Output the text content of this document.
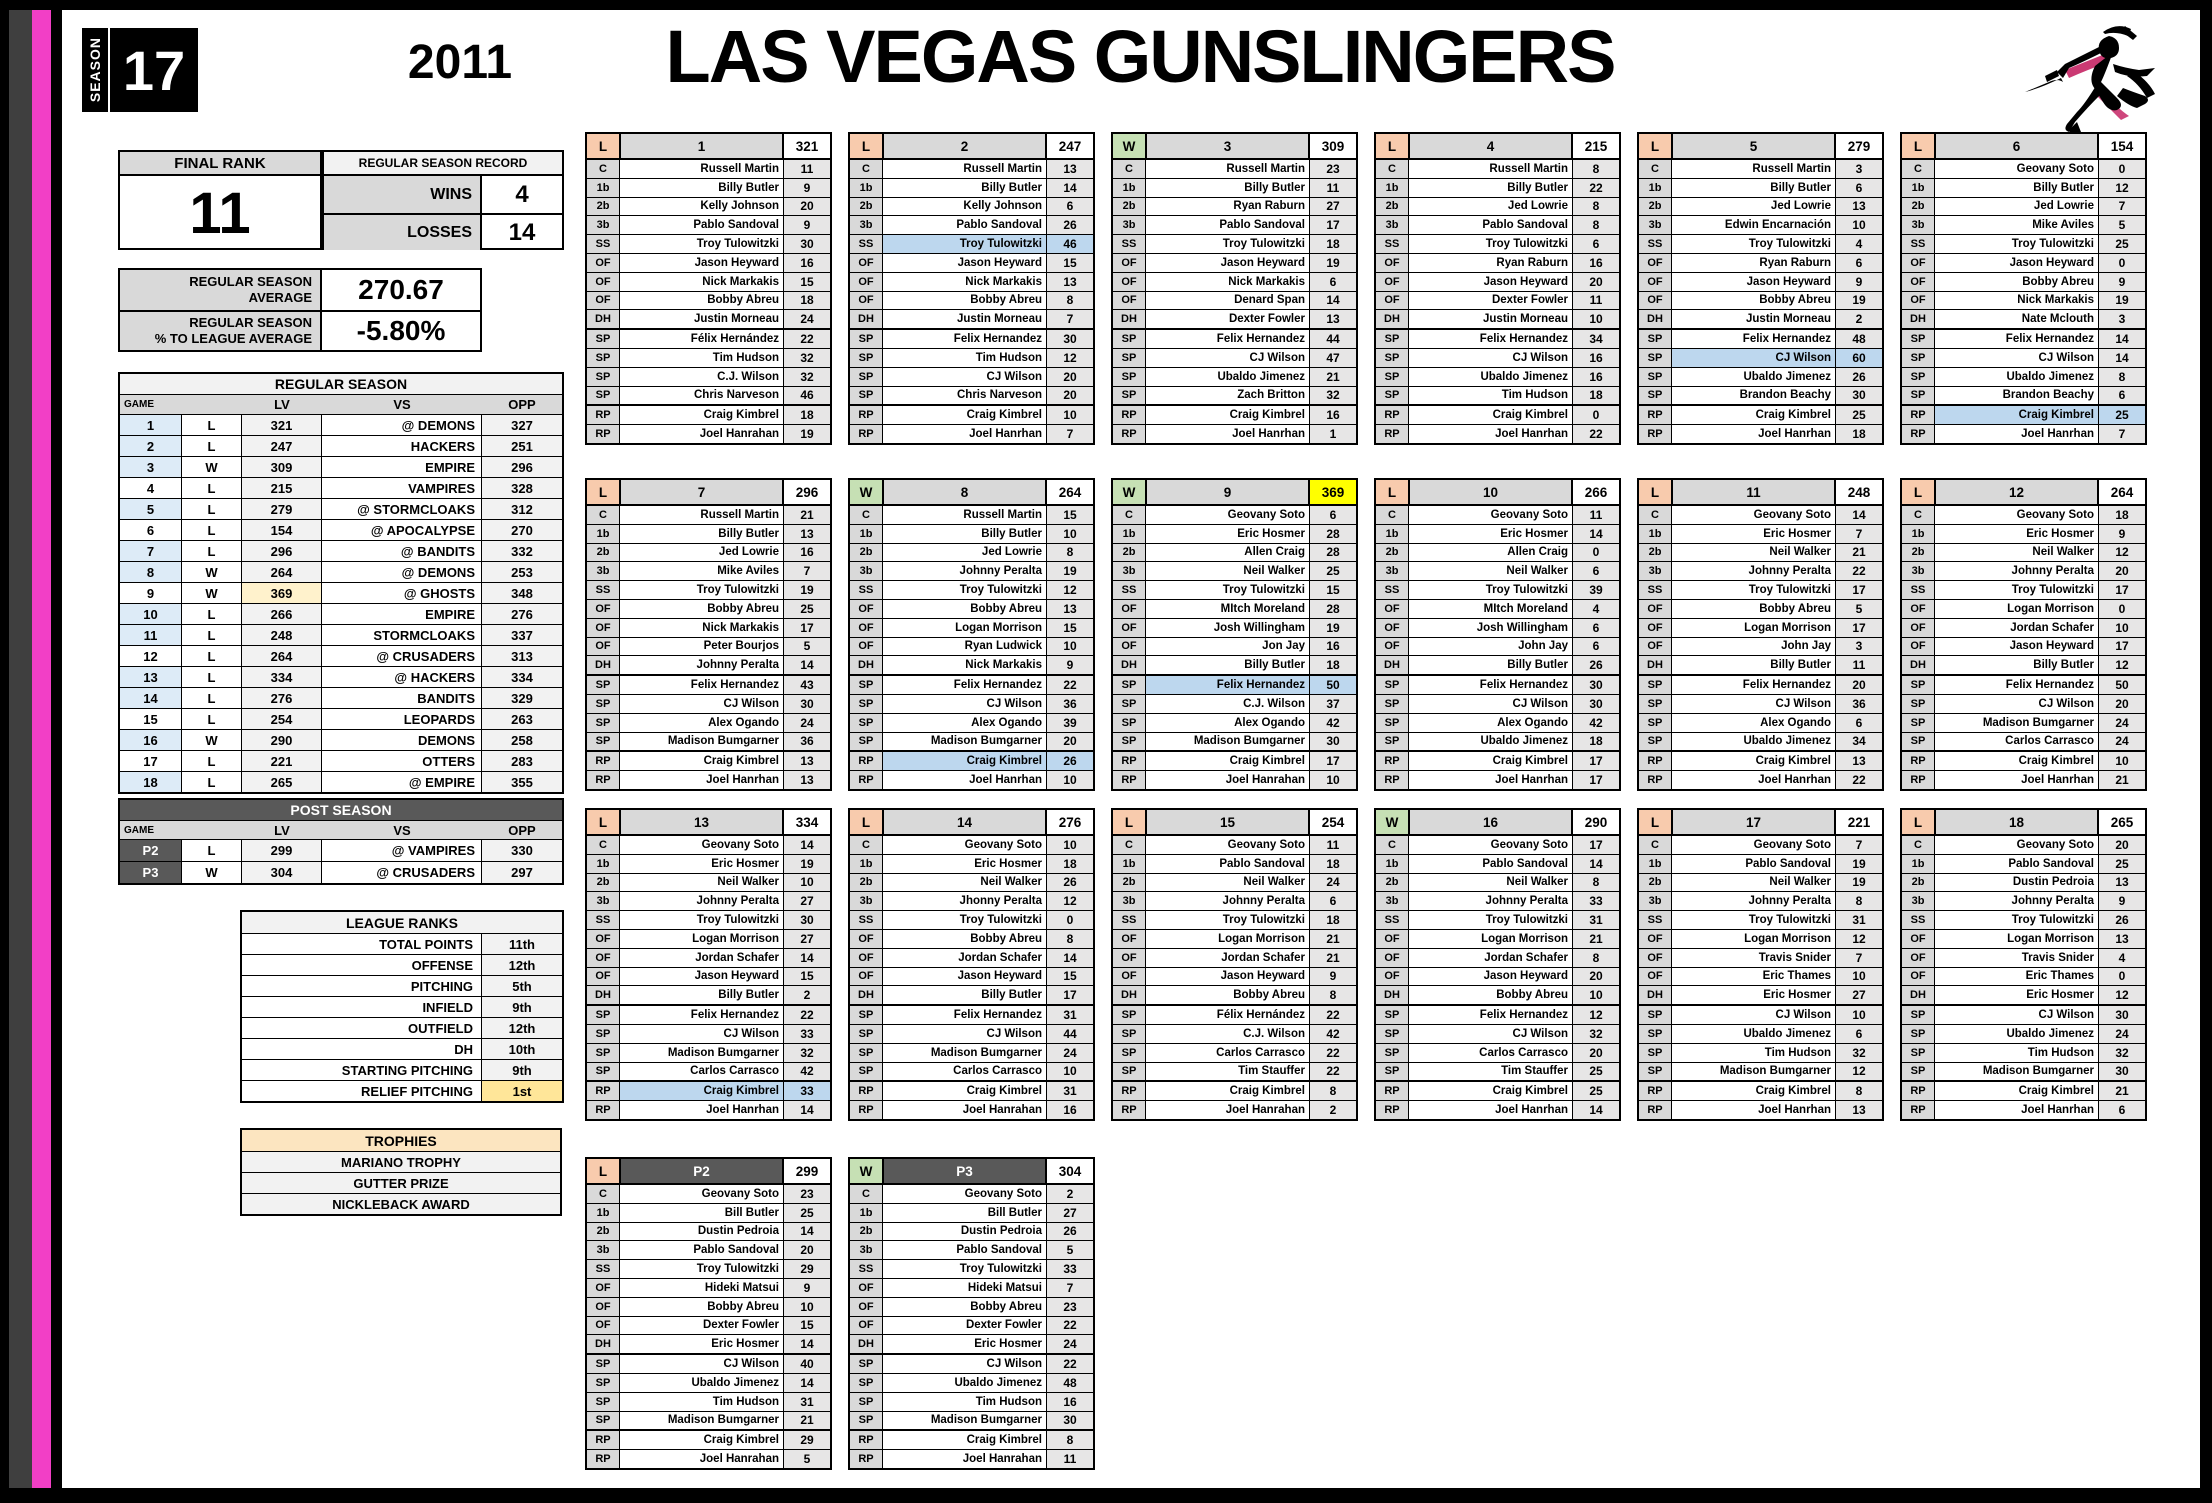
SEASON 17	2011	LAS VEGAS GUNSLINGERS
FINAL RANK
11
REGULAR SEASON RECORD
WINS	4
LOSSES	14
REGULAR SEASON
AVERAGE	270.67
REGULAR SEASON
% TO LEAGUE AVERAGE	-5.80%
REGULAR SEASON
GAME	LV	VS	OPP
1	L	321	@ DEMONS	327
2	L	247	HACKERS	251
3	W	309	EMPIRE	296
4	L	215	VAMPIRES	328
5	L	279	@ STORMCLOAKS	312
6	L	154	@ APOCALYPSE	270
7	L	296	@ BANDITS	332
8	W	264	@ DEMONS	253
9	W	369	@ GHOSTS	348
10	L	266	EMPIRE	276
11	L	248	STORMCLOAKS	337
12	L	264	@ CRUSADERS	313
13	L	334	@ HACKERS	334
14	L	276	BANDITS	329
15	L	254	LEOPARDS	263
16	W	290	DEMONS	258
17	L	221	OTTERS	283
18	L	265	@ EMPIRE	355
POST SEASON
GAME	LV	VS	OPP
P2	L	299	@ VAMPIRES	330
P3	W	304	@ CRUSADERS	297
LEAGUE RANKS
TOTAL POINTS	11th
OFFENSE	12th
PITCHING	5th
INFIELD	9th
OUTFIELD	12th
DH	10th
STARTING PITCHING	9th
RELIEF PITCHING	1st
TROPHIES
MARIANO TROPHY
GUTTER PRIZE
NICKLEBACK AWARD
L	1	321
C	Russell Martin	11
1b	Billy Butler	9
2b	Kelly Johnson	20
3b	Pablo Sandoval	9
SS	Troy Tulowitzki	30
OF	Jason Heyward	16
OF	Nick Markakis	15
OF	Bobby Abreu	18
DH	Justin Morneau	24
SP	Félix Hernández	22
SP	Tim Hudson	32
SP	C.J. Wilson	32
SP	Chris Narveson	46
RP	Craig Kimbrel	18
RP	Joel Hanrahan	19
L	2	247
C	Russell Martin	13
1b	Billy Butler	14
2b	Kelly Johnson	6
3b	Pablo Sandoval	26
SS	Troy Tulowitzki	46
OF	Jason Heyward	15
OF	Nick Markakis	13
OF	Bobby Abreu	8
DH	Justin Morneau	7
SP	Felix Hernandez	30
SP	Tim Hudson	12
SP	CJ Wilson	20
SP	Chris Narveson	20
RP	Craig Kimbrel	10
RP	Joel Hanrhan	7
W	3	309
C	Russell Martin	23
1b	Billy Butler	11
2b	Ryan Raburn	27
3b	Pablo Sandoval	17
SS	Troy Tulowitzki	18
OF	Jason Heyward	19
OF	Nick Markakis	6
OF	Denard Span	14
DH	Dexter Fowler	13
SP	Felix Hernandez	44
SP	CJ Wilson	47
SP	Ubaldo Jimenez	21
SP	Zach Britton	32
RP	Craig Kimbrel	16
RP	Joel Hanrhan	1
L	4	215
C	Russell Martin	8
1b	Billy Butler	22
2b	Jed Lowrie	8
3b	Pablo Sandoval	8
SS	Troy Tulowitzki	6
OF	Ryan Raburn	16
OF	Jason Heyward	20
OF	Dexter Fowler	11
DH	Justin Morneau	10
SP	Felix Hernandez	34
SP	CJ Wilson	16
SP	Ubaldo Jimenez	16
SP	Tim Hudson	18
RP	Craig Kimbrel	0
RP	Joel Hanrhan	22
L	5	279
C	Russell Martin	3
1b	Billy Butler	6
2b	Jed Lowrie	13
3b	Edwin Encarnación	10
SS	Troy Tulowitzki	4
OF	Ryan Raburn	6
OF	Jason Heyward	9
OF	Bobby Abreu	19
DH	Justin Morneau	2
SP	Felix Hernandez	48
SP	CJ Wilson	60
SP	Ubaldo Jimenez	26
SP	Brandon Beachy	30
RP	Craig Kimbrel	25
RP	Joel Hanrhan	18
L	6	154
C	Geovany Soto	0
1b	Billy Butler	12
2b	Jed Lowrie	7
3b	Mike Aviles	5
SS	Troy Tulowitzki	25
OF	Jason Heyward	0
OF	Bobby Abreu	9
OF	Nick Markakis	19
DH	Nate Mclouth	3
SP	Felix Hernandez	14
SP	CJ Wilson	14
SP	Ubaldo Jimenez	8
SP	Brandon Beachy	6
RP	Craig Kimbrel	25
RP	Joel Hanrhan	7
L	7	296
C	Russell Martin	21
1b	Billy Butler	13
2b	Jed Lowrie	16
3b	Mike Aviles	7
SS	Troy Tulowitzki	19
OF	Bobby Abreu	25
OF	Nick Markakis	17
OF	Peter Bourjos	5
DH	Johnny Peralta	14
SP	Felix Hernandez	43
SP	CJ Wilson	30
SP	Alex Ogando	24
SP	Madison Bumgarner	36
RP	Craig Kimbrel	13
RP	Joel Hanrhan	13
W	8	264
C	Russell Martin	15
1b	Billy Butler	10
2b	Jed Lowrie	8
3b	Johnny Peralta	19
SS	Troy Tulowitzki	12
OF	Bobby Abreu	13
OF	Logan Morrison	15
OF	Ryan Ludwick	10
DH	Nick Markakis	9
SP	Felix Hernandez	22
SP	CJ Wilson	36
SP	Alex Ogando	39
SP	Madison Bumgarner	20
RP	Craig Kimbrel	26
RP	Joel Hanrhan	10
W	9	369
C	Geovany Soto	6
1b	Eric Hosmer	28
2b	Allen Craig	28
3b	Neil Walker	25
SS	Troy Tulowitzki	15
OF	MItch Moreland	28
OF	Josh Willingham	19
OF	Jon Jay	16
DH	Billy Butler	18
SP	Felix Hernandez	50
SP	C.J. Wilson	37
SP	Alex Ogando	42
SP	Madison Bumgarner	30
RP	Craig Kimbrel	17
RP	Joel Hanrahan	10
L	10	266
C	Geovany Soto	11
1b	Eric Hosmer	14
2b	Allen Craig	0
3b	Neil Walker	6
SS	Troy Tulowitzki	39
OF	MItch Moreland	4
OF	Josh Willingham	6
OF	John Jay	6
DH	Billy Butler	26
SP	Felix Hernandez	30
SP	CJ Wilson	30
SP	Alex Ogando	42
SP	Ubaldo Jimenez	18
RP	Craig Kimbrel	17
RP	Joel Hanrhan	17
L	11	248
C	Geovany Soto	14
1b	Eric Hosmer	7
2b	Neil Walker	21
3b	Johnny Peralta	22
SS	Troy Tulowitzki	17
OF	Bobby Abreu	5
OF	Logan Morrison	17
OF	John Jay	3
DH	Billy Butler	11
SP	Felix Hernandez	20
SP	CJ Wilson	36
SP	Alex Ogando	6
SP	Ubaldo Jimenez	34
RP	Craig Kimbrel	13
RP	Joel Hanrhan	22
L	12	264
C	Geovany Soto	18
1b	Eric Hosmer	9
2b	Neil Walker	12
3b	Johnny Peralta	20
SS	Troy Tulowitzki	17
OF	Logan Morrison	0
OF	Jordan Schafer	10
OF	Jason Heyward	17
DH	Billy Butler	12
SP	Felix Hernandez	50
SP	CJ Wilson	20
SP	Madison Bumgarner	24
SP	Carlos Carrasco	24
RP	Craig Kimbrel	10
RP	Joel Hanrhan	21
L	13	334
C	Geovany Soto	14
1b	Eric Hosmer	19
2b	Neil Walker	10
3b	Johnny Peralta	27
SS	Troy Tulowitzki	30
OF	Logan Morrison	27
OF	Jordan Schafer	14
OF	Jason Heyward	15
DH	Billy Butler	2
SP	Felix Hernandez	22
SP	CJ Wilson	33
SP	Madison Bumgarner	32
SP	Carlos Carrasco	42
RP	Craig Kimbrel	33
RP	Joel Hanrhan	14
L	14	276
C	Geovany Soto	10
1b	Eric Hosmer	18
2b	Neil Walker	26
3b	Jhonny Peralta	12
SS	Troy Tulowitzki	0
OF	Bobby Abreu	8
OF	Jordan Schafer	14
OF	Jason Heyward	15
DH	Billy Butler	17
SP	Felix Hernandez	31
SP	CJ Wilson	44
SP	Madison Bumgarner	24
SP	Carlos Carrasco	10
RP	Craig Kimbrel	31
RP	Joel Hanrahan	16
L	15	254
C	Geovany Soto	11
1b	Pablo Sandoval	18
2b	Neil Walker	24
3b	Johnny Peralta	6
SS	Troy Tulowitzki	18
OF	Logan Morrison	21
OF	Jordan Schafer	21
OF	Jason Heyward	9
DH	Bobby Abreu	8
SP	Félix Hernández	22
SP	C.J. Wilson	42
SP	Carlos Carrasco	22
SP	Tim Stauffer	22
RP	Craig Kimbrel	8
RP	Joel Hanrahan	2
W	16	290
C	Geovany Soto	17
1b	Pablo Sandoval	14
2b	Neil Walker	8
3b	Johnny Peralta	33
SS	Troy Tulowitzki	31
OF	Logan Morrison	21
OF	Jordan Schafer	8
OF	Jason Heyward	20
DH	Bobby Abreu	10
SP	Felix Hernandez	12
SP	CJ Wilson	32
SP	Carlos Carrasco	20
SP	Tim Stauffer	25
RP	Craig Kimbrel	25
RP	Joel Hanrhan	14
L	17	221
C	Geovany Soto	7
1b	Pablo Sandoval	19
2b	Neil Walker	19
3b	Johnny Peralta	8
SS	Troy Tulowitzki	31
OF	Logan Morrison	12
OF	Travis Snider	7
OF	Eric Thames	10
DH	Eric Hosmer	27
SP	CJ Wilson	10
SP	Ubaldo Jimenez	6
SP	Tim Hudson	32
SP	Madison Bumgarner	12
RP	Craig Kimbrel	8
RP	Joel Hanrhan	13
L	18	265
C	Geovany Soto	20
1b	Pablo Sandoval	25
2b	Dustin Pedroia	13
3b	Johnny Peralta	9
SS	Troy Tulowitzki	26
OF	Logan Morrison	13
OF	Travis Snider	4
OF	Eric Thames	0
DH	Eric Hosmer	12
SP	CJ Wilson	30
SP	Ubaldo Jimenez	24
SP	Tim Hudson	32
SP	Madison Bumgarner	30
RP	Craig Kimbrel	21
RP	Joel Hanrhan	6
L	P2	299
C	Geovany Soto	23
1b	Bill Butler	25
2b	Dustin Pedroia	14
3b	Pablo Sandoval	20
SS	Troy Tulowitzki	29
OF	Hideki Matsui	9
OF	Bobby Abreu	10
OF	Dexter Fowler	15
DH	Eric Hosmer	14
SP	CJ Wilson	40
SP	Ubaldo Jimenez	14
SP	Tim Hudson	31
SP	Madison Bumgarner	21
RP	Craig Kimbrel	29
RP	Joel Hanrahan	5
W	P3	304
C	Geovany Soto	2
1b	Bill Butler	27
2b	Dustin Pedroia	26
3b	Pablo Sandoval	5
SS	Troy Tulowitzki	33
OF	Hideki Matsui	7
OF	Bobby Abreu	23
OF	Dexter Fowler	22
DH	Eric Hosmer	24
SP	CJ Wilson	22
SP	Ubaldo Jimenez	48
SP	Tim Hudson	16
SP	Madison Bumgarner	30
RP	Craig Kimbrel	8
RP	Joel Hanrahan	11
